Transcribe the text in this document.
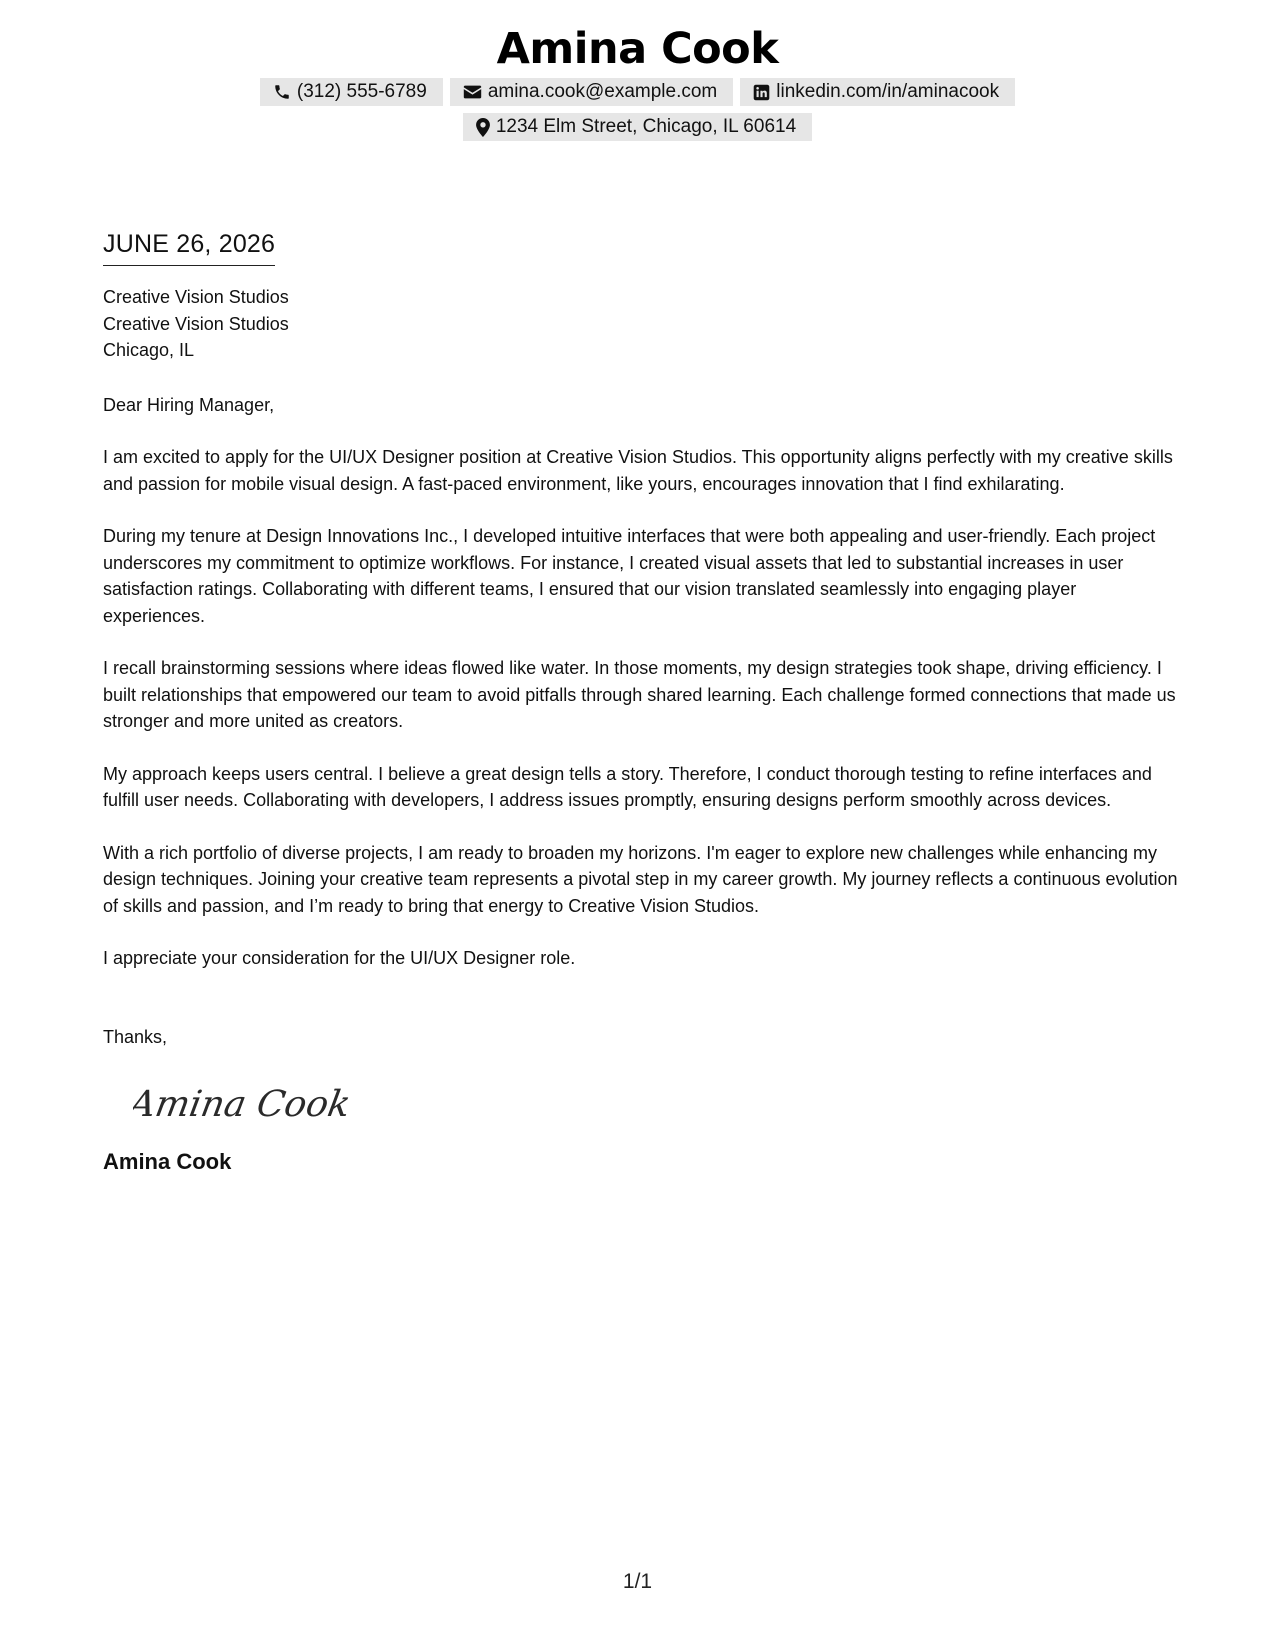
Amina Cook
(312) 555-6789	amina.cook@example.com	linkedin.com/in/aminacook
1234 Elm Street, Chicago, IL 60614
JUNE 26, 2026
Creative Vision Studios
Creative Vision Studios
Chicago, IL
Dear Hiring Manager,

I am excited to apply for the UI/UX Designer position at Creative Vision Studios. This opportunity aligns perfectly with my creative skills and passion for mobile visual design. A fast-paced environment, like yours, encourages innovation that I find exhilarating.

During my tenure at Design Innovations Inc., I developed intuitive interfaces that were both appealing and user-friendly. Each project underscores my commitment to optimize workflows. For instance, I created visual assets that led to substantial increases in user satisfaction ratings. Collaborating with different teams, I ensured that our vision translated seamlessly into engaging player experiences.

I recall brainstorming sessions where ideas flowed like water. In those moments, my design strategies took shape, driving efficiency. I built relationships that empowered our team to avoid pitfalls through shared learning. Each challenge formed connections that made us stronger and more united as creators.

My approach keeps users central. I believe a great design tells a story. Therefore, I conduct thorough testing to refine interfaces and fulfill user needs. Collaborating with developers, I address issues promptly, ensuring designs perform smoothly across devices.

With a rich portfolio of diverse projects, I am ready to broaden my horizons. I'm eager to explore new challenges while enhancing my design techniques. Joining your creative team represents a pivotal step in my career growth. My journey reflects a continuous evolution of skills and passion, and I’m ready to bring that energy to Creative Vision Studios.

I appreciate your consideration for the UI/UX Designer role.

Thanks,
Amina Cook
Amina Cook
1/1
